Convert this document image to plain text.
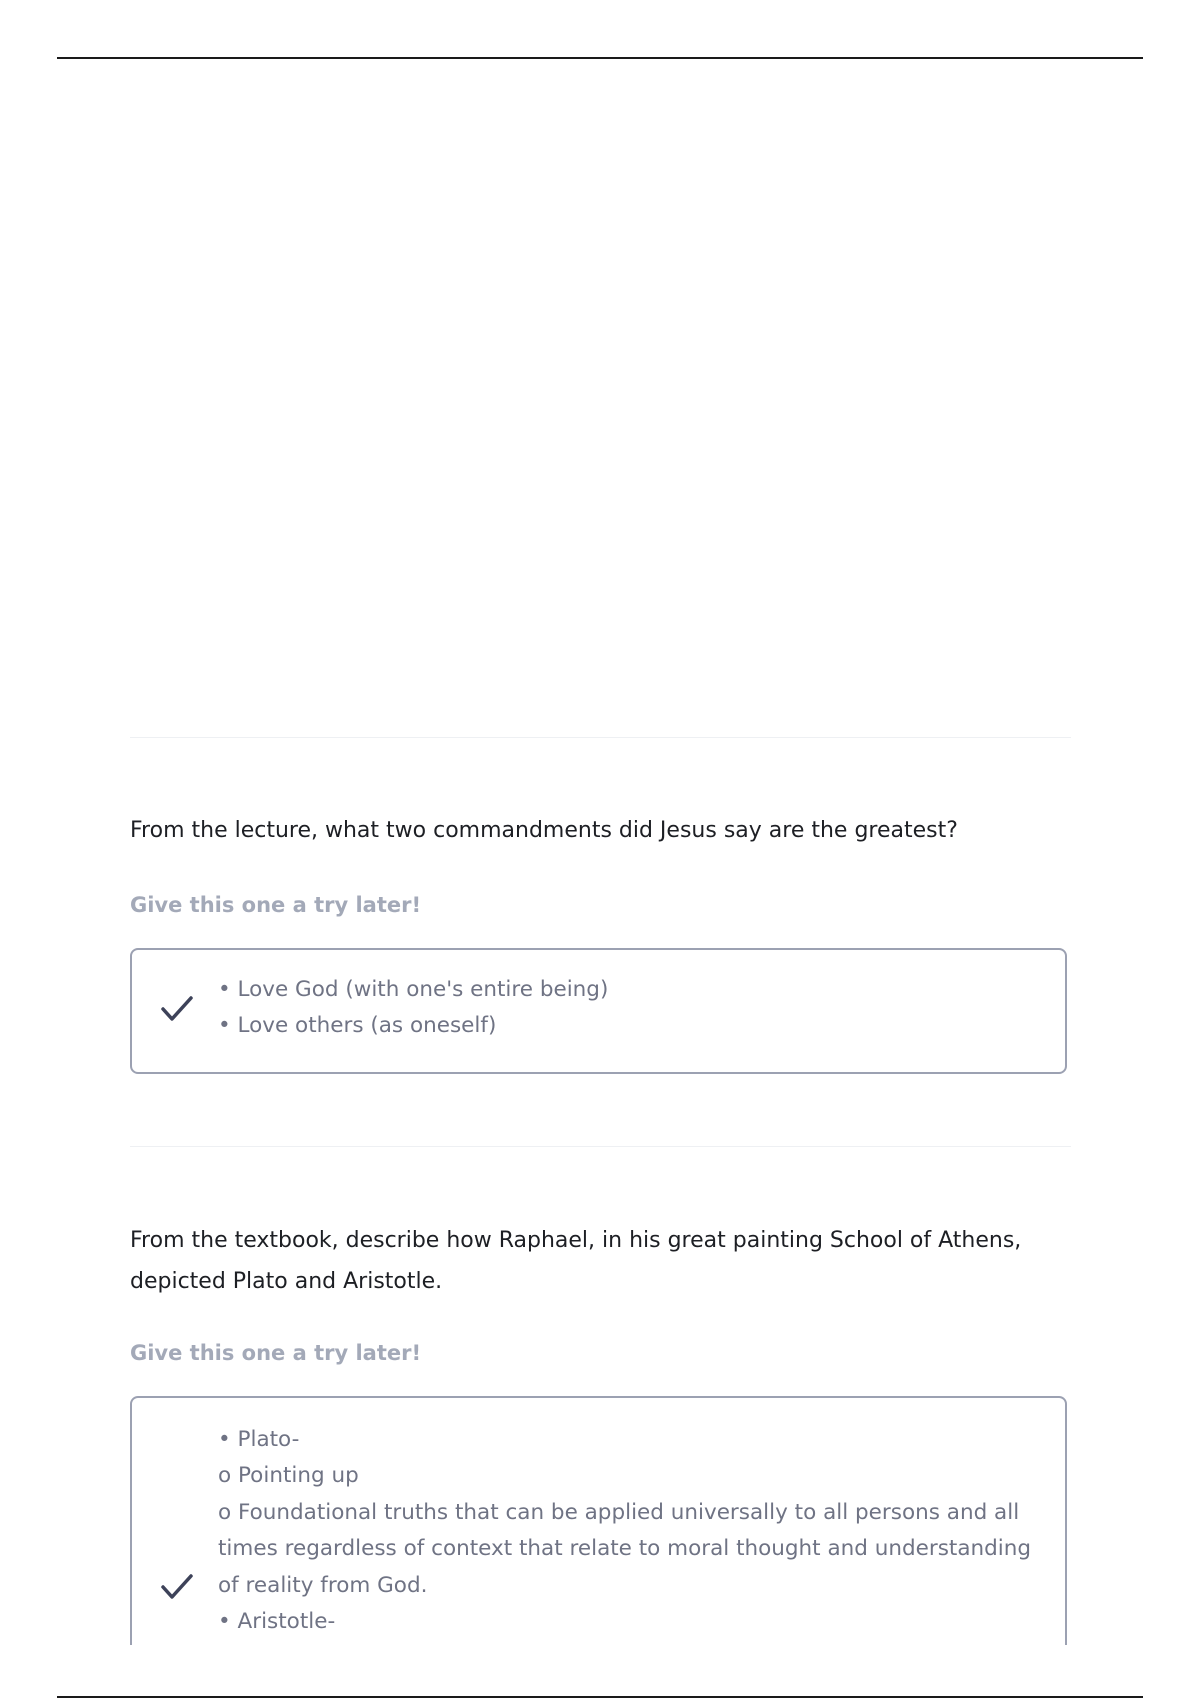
From the lecture, what two commandments did Jesus say are the greatest?

Give this one a try later!

• Love God (with one's entire being)
• Love others (as oneself)

From the textbook, describe how Raphael, in his great painting School of Athens, depicted Plato and Aristotle.

Give this one a try later!

• Plato-
o Pointing up
o Foundational truths that can be applied universally to all persons and all times regardless of context that relate to moral thought and understanding of reality from God.
• Aristotle-
